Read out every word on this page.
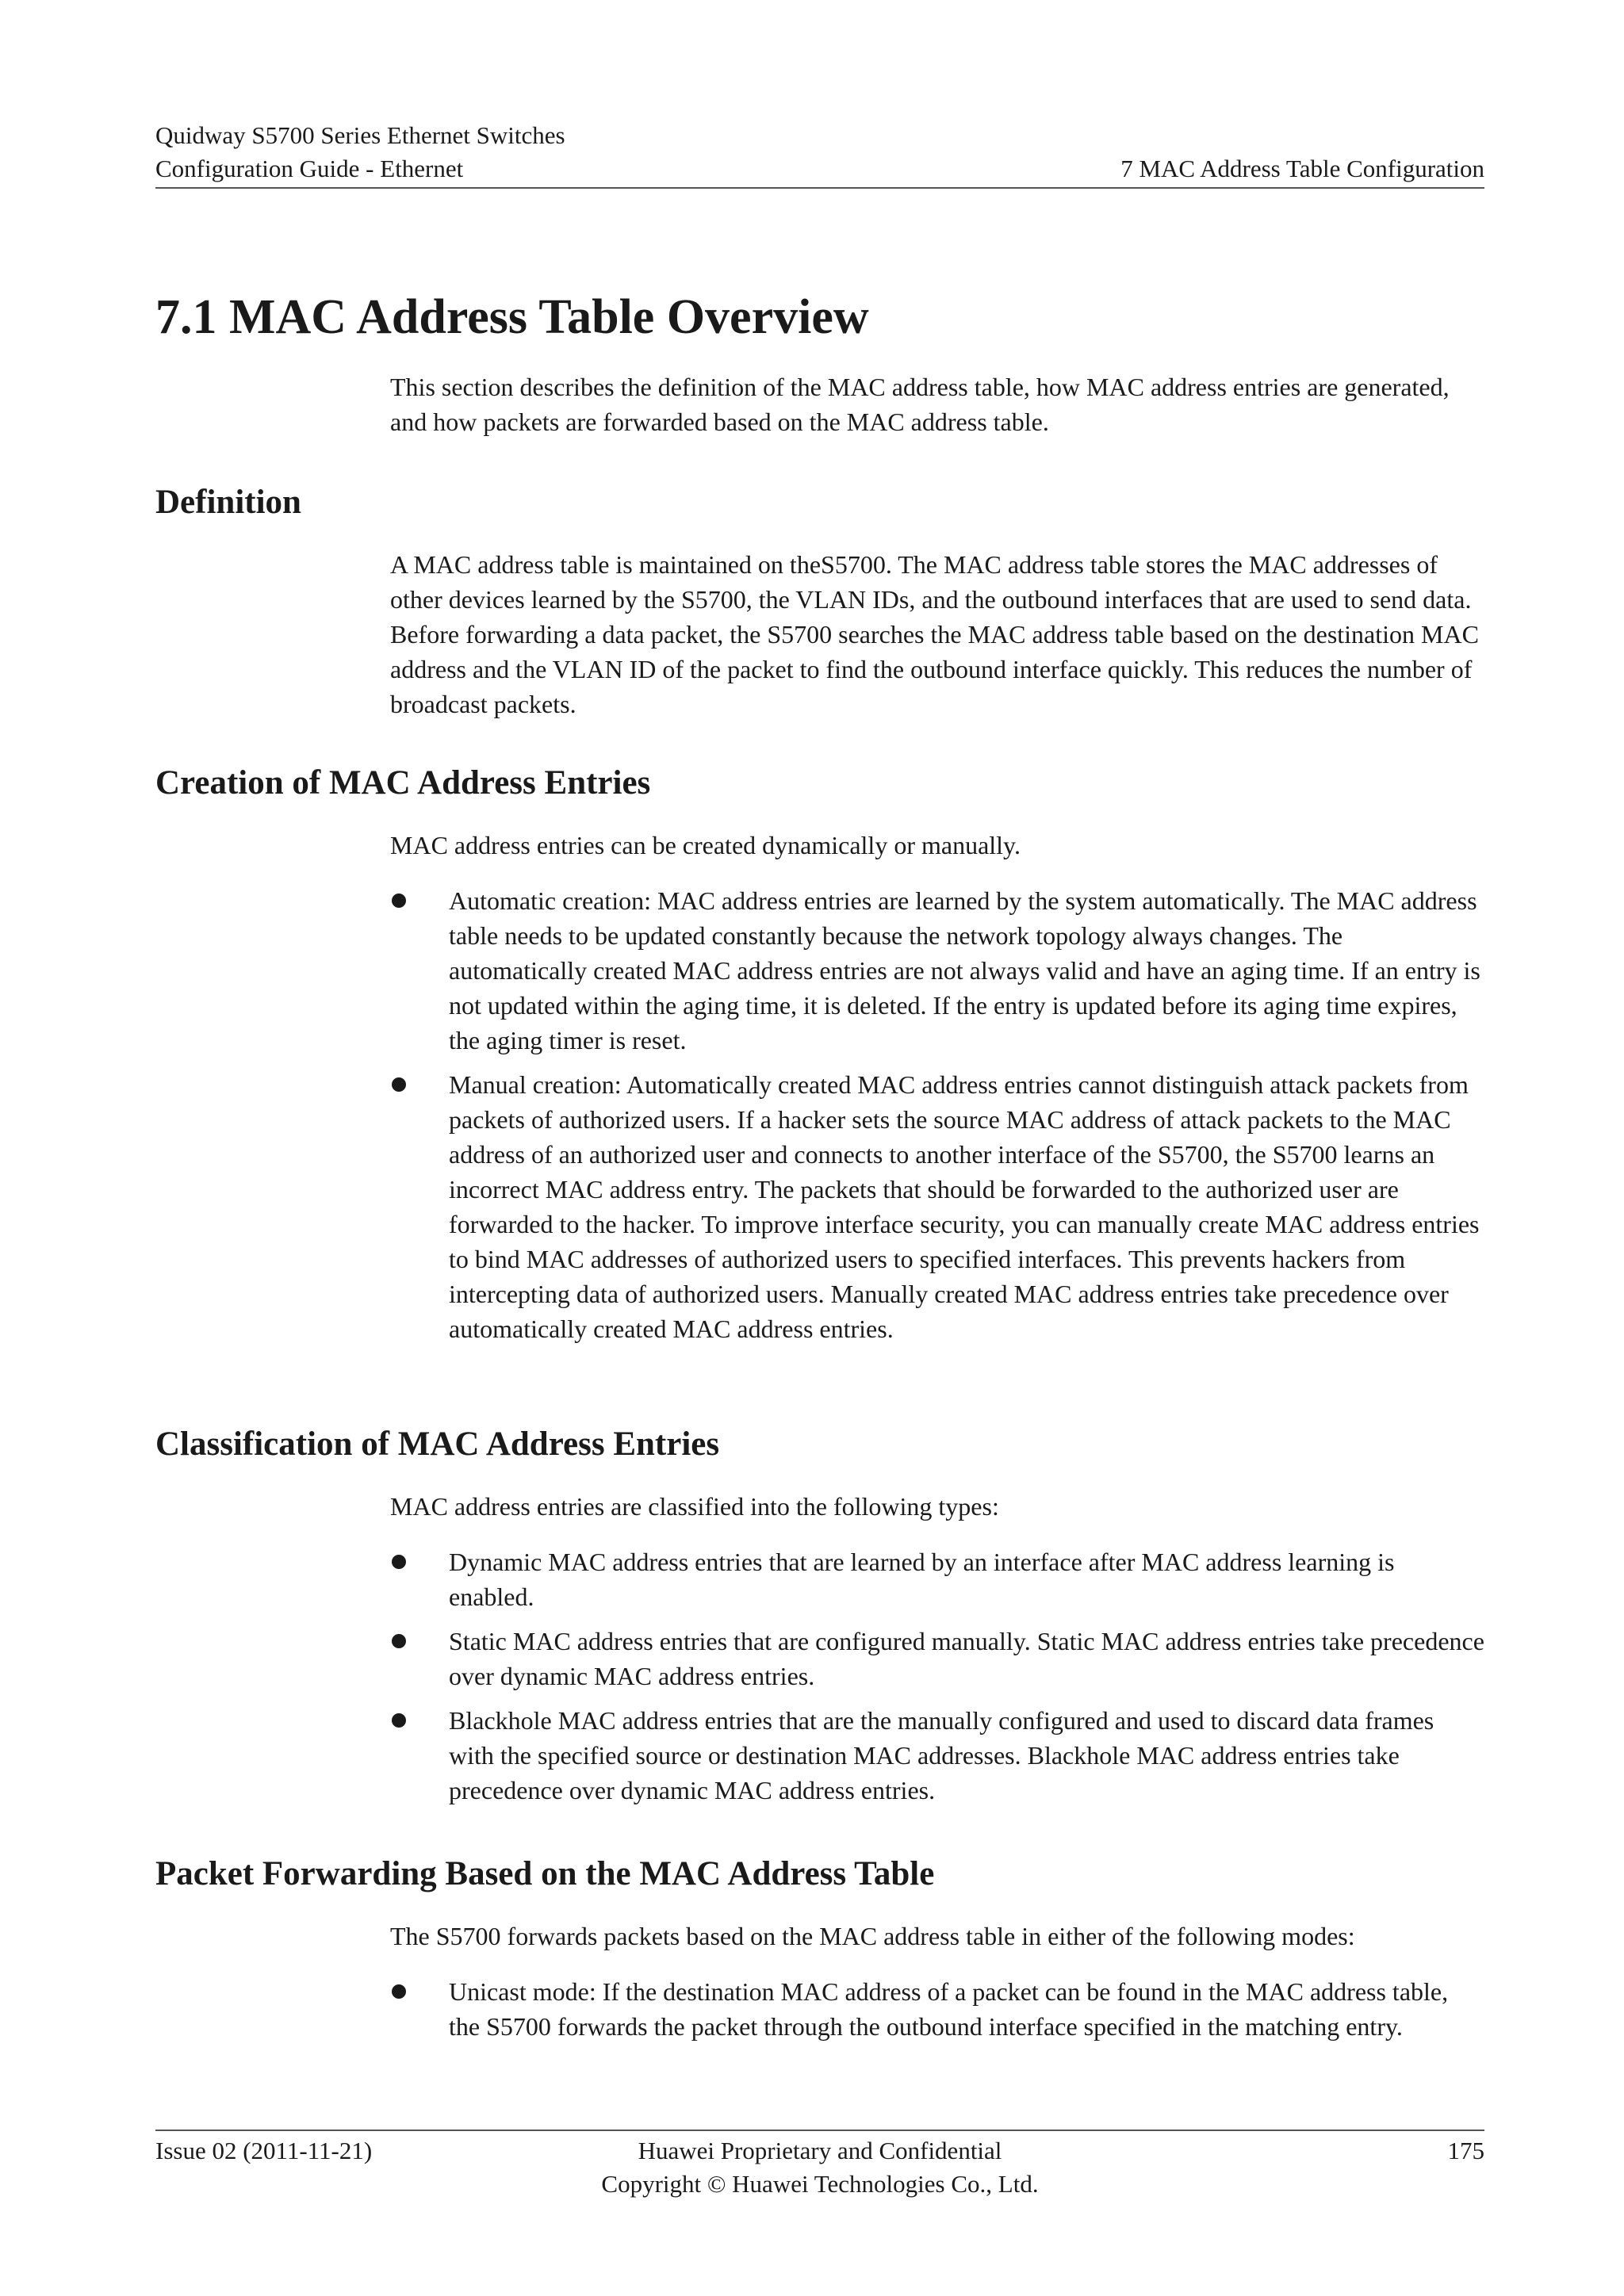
Quidway S5700 Series Ethernet Switches
Configuration Guide - Ethernet	7 MAC Address Table Configuration
7.1 MAC Address Table Overview

This section describes the definition of the MAC address table, how MAC address entries are generated, and how packets are forwarded based on the MAC address table.

Definition

A MAC address table is maintained on theS5700. The MAC address table stores the MAC addresses of other devices learned by the S5700, the VLAN IDs, and the outbound interfaces that are used to send data. Before forwarding a data packet, the S5700 searches the MAC address table based on the destination MAC address and the VLAN ID of the packet to find the outbound interface quickly. This reduces the number of broadcast packets.

Creation of MAC Address Entries

MAC address entries can be created dynamically or manually.

Automatic creation: MAC address entries are learned by the system automatically. The MAC address table needs to be updated constantly because the network topology always changes. The automatically created MAC address entries are not always valid and have an aging time. If an entry is not updated within the aging time, it is deleted. If the entry is updated before its aging time expires, the aging timer is reset.
Manual creation: Automatically created MAC address entries cannot distinguish attack packets from packets of authorized users. If a hacker sets the source MAC address of attack packets to the MAC address of an authorized user and connects to another interface of the S5700, the S5700 learns an incorrect MAC address entry. The packets that should be forwarded to the authorized user are forwarded to the hacker. To improve interface security, you can manually create MAC address entries to bind MAC addresses of authorized users to specified interfaces. This prevents hackers from intercepting data of authorized users. Manually created MAC address entries take precedence over automatically created MAC address entries.
Classification of MAC Address Entries

MAC address entries are classified into the following types:

Dynamic MAC address entries that are learned by an interface after MAC address learning is enabled.
Static MAC address entries that are configured manually. Static MAC address entries take precedence over dynamic MAC address entries.
Blackhole MAC address entries that are the manually configured and used to discard data frames with the specified source or destination MAC addresses. Blackhole MAC address entries take precedence over dynamic MAC address entries.
Packet Forwarding Based on the MAC Address Table

The S5700 forwards packets based on the MAC address table in either of the following modes:

Unicast mode: If the destination MAC address of a packet can be found in the MAC address table, the S5700 forwards the packet through the outbound interface specified in the matching entry.
Issue 02 (2011-11-21)	Huawei Proprietary and Confidential
Copyright © Huawei Technologies Co., Ltd.
175
